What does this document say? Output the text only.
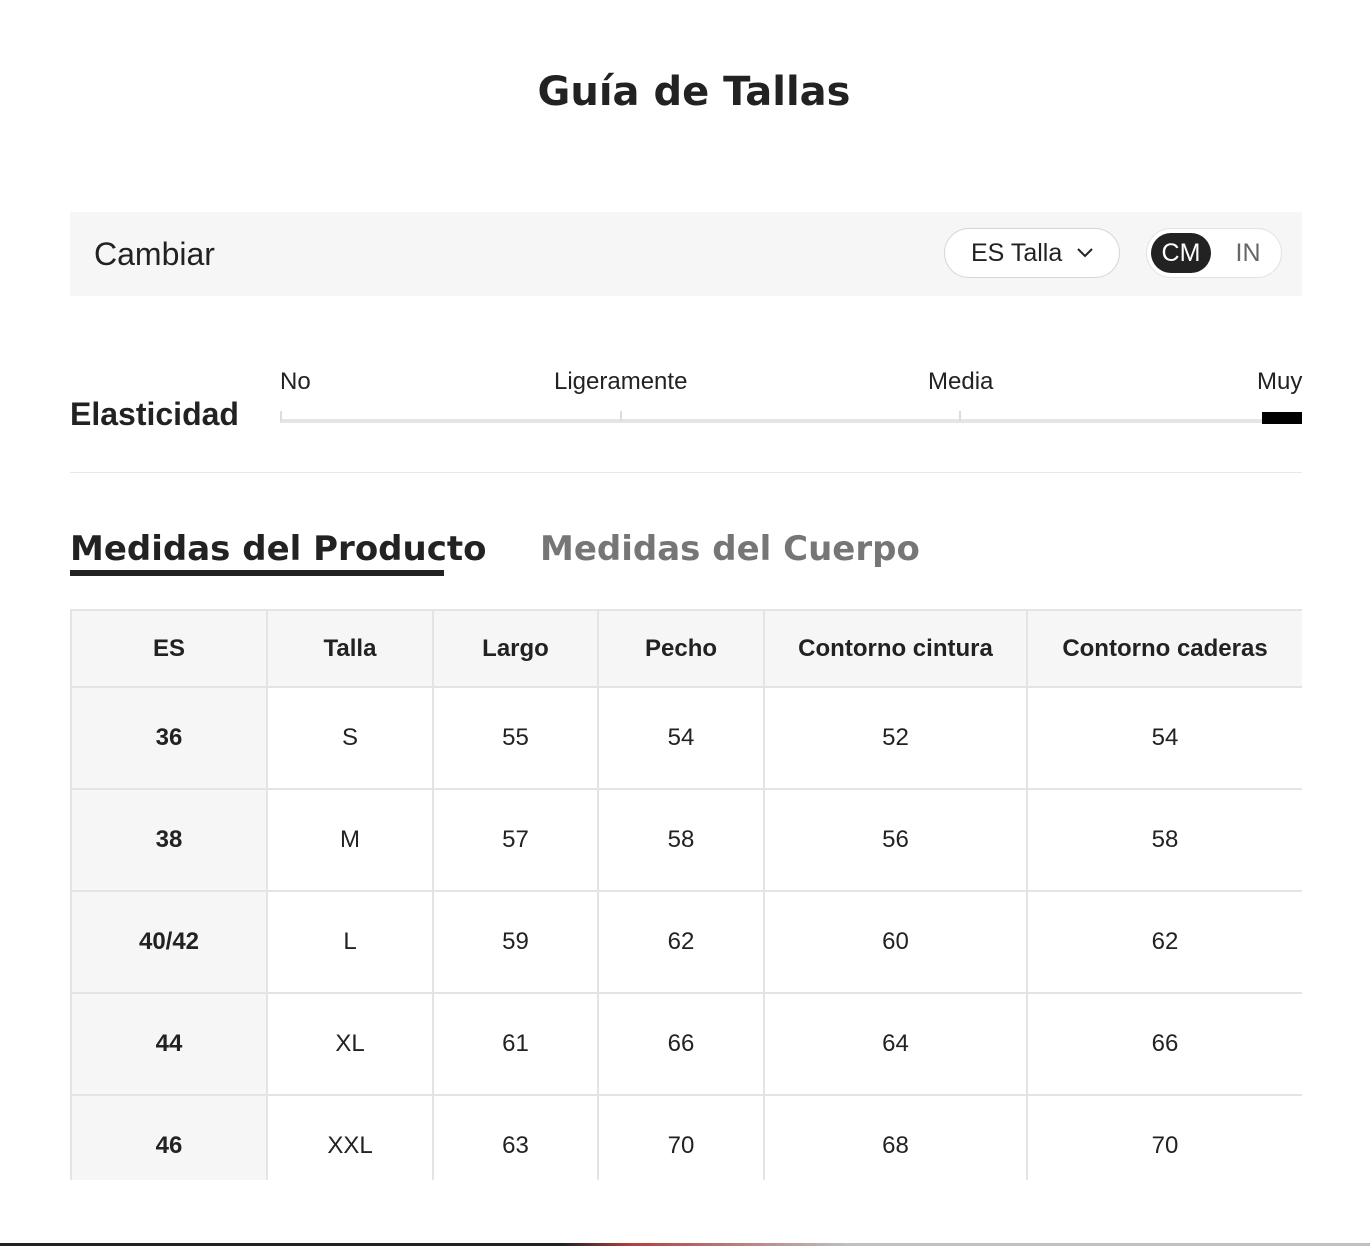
Guía de Tallas
Cambiar	ES Talla	CM	IN
Elasticidad
No	Ligeramente	Media	Muy
Medidas del Producto Medidas del Cuerpo
ES	Talla	Largo	Pecho	Contorno cintura	Contorno caderas
36	S	55	54	52	54
38	M	57	58	56	58
40/42	L	59	62	60	62
44	XL	61	66	64	66
46	XXL	63	70	68	70
